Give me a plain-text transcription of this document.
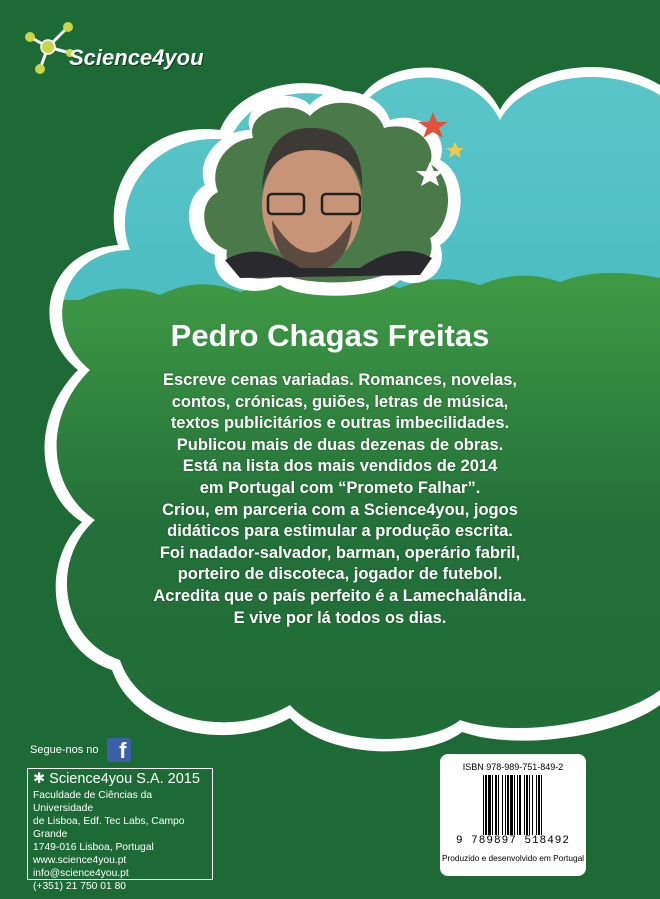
Science4you
Pedro Chagas Freitas
Escreve cenas variadas. Romances, novelas,
contos, crónicas, guiões, letras de música,
textos publicitários e outras imbecilidades.
Publicou mais de duas dezenas de obras.
Está na lista dos mais vendidos de 2014
em Portugal com “Prometo Falhar”.
Criou, em parceria com a Science4you, jogos
didáticos para estimular a produção escrita.
Foi nadador-salvador, barman, operário fabril,
porteiro de discoteca, jogador de futebol.
Acredita que o país perfeito é a Lamechalândia.
E vive por lá todos os dias.
Segue-nos no f
✱ Science4you S.A. 2015
Faculdade de Ciências da Universidade
de Lisboa, Edf. Tec Labs, Campo Grande
1749-016 Lisboa, Portugal
www.science4you.pt
info@science4you.pt
(+351) 21 750 01 80
ISBN 978-989-751-849-2
9 789897 518492
Produzido e desenvolvido em Portugal
